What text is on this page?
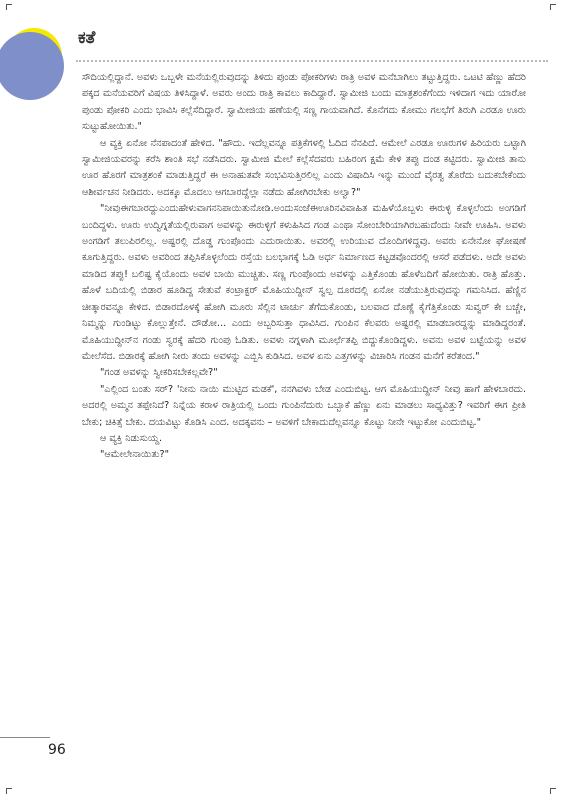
ಕತೆ

ಸೌದಿಯಲ್ಲಿದ್ದಾನೆ. ಅವಳು ಒಬ್ಬಳೇ ಮನೆಯಲ್ಲಿರುವುದನ್ನು ತಿಳಿದು ಪುಂಡು ಪೋಕರಿಗಳು ರಾತ್ರಿ ಅವಳ ಮನೆಬಾಗಿಲು ತಟ್ಟುತ್ತಿದ್ದರು. ಒಟಟಿ ಹೆಣ್ಣು ಹೆದರಿ ಪಕ್ಕದ ಮನೆಯವರಿಗೆ ವಿಷಯ ತಿಳಿಸಿದ್ದಾಳೆ. ಅವರು ಅಂದು ರಾತ್ರಿ ಕಾವಲು ಕಾದಿದ್ದಾರೆ. ಸ್ವಾಮೀಜಿ ಬಂದು ಮಾತ್ರಶಂಕೆಗೆಂದು ಇಳಿದಾಗ ಇದು ಯಾರೋ ಪುಂಡು ಪೋಕರಿ ಎಂದು ಭಾವಿಸಿ ಕಲ್ಲೆಸೆದಿದ್ದಾರೆ. ಸ್ವಾಮೀಜಿಯ ಹಣೆಯಲ್ಲಿ ಸಣ್ಣ ಗಾಯವಾಗಿದೆ. ಕೊನೆಗದು ಕೋಮು ಗಲಭೆಗೆ ತಿರುಗಿ ಎರಡೂ ಊರು ಸುಟ್ಟುಹೋಯಿತು."

ಆ ವ್ಯಕ್ತಿ ಏನೋ ನೆನಪಾದಂತೆ ಹೇಳಿದ. "ಹೌದು. ಇದೆಲ್ಲವನ್ನೂ ಪತ್ರಿಕೆಗಳಲ್ಲಿ ಓದಿದ ನೆನಪಿದೆ. ಆಮೇಲೆ ಎರಡೂ ಊರುಗಳ ಹಿರಿಯರು ಒಟ್ಟಾಗಿ ಸ್ವಾಮೀಜಿಯವರನ್ನು ಕರೆಸಿ ಶಾಂತಿ ಸಭೆ ನಡೆಸಿದರು. ಸ್ವಾಮೀಜಿ ಮೇಲೆ ಕಲ್ಲೆಸೆದವರು ಬಹಿರಂಗ ಕ್ಷಮೆ ಕೇಳಿ ತಪ್ಪು ದಂಡ ಕಟ್ಟಿದರು. ಸ್ವಾಮೀಜಿ ತಾನು ಊರ ಹೊರಗೆ ಮಾತ್ರಶಂಕೆ ಮಾಡುತ್ತಿದ್ದರೆ ಈ ಅನಾಹುತವೇ ಸಂಭವಿಸುತ್ತಿರಲಿಲ್ಲ ಎಂದು ವಿಷಾದಿಸಿ ಇನ್ನು ಮುಂದೆ ವೈರತ್ವ ತೊರೆದು ಬದುಕಬೇಕೆಂದು ಆಶೀರ್ವಚನ ನೀಡಿದರು. ಅದಕ್ಕೂ ಮೊದಲು ಆಗಬಾರದ್ದೆಲ್ಲಾ ನಡೆದು ಹೋಗಿರಬೇಕು ಅಲ್ವಾ?"

"ನೀವುಈಗಬಾರದ್ದುಎಂದುಹೇಳುವಾಗನನಿಪಾಯಿತುನೋಡಿ.ಅಂದುಸಂಜೆಈಊರಿನವಿವಾಹಿತ ಮಹಿಳೆಯೊಬ್ಬಳು ಈರುಳ್ಳಿ ಕೊಳ್ಳಲೆಂದು ಅಂಗಡಿಗೆ ಬಂದಿದ್ದಳು. ಊರು ಉದ್ವಿಗ್ನತೆಯಲ್ಲಿರುವಾಗ ಅವಳನ್ನು ಈರುಳ್ಳಿಗೆ ಕಳುಹಿಸಿದ ಗಂಡ ಎಂಥಾ ಸೋಂಬೇರಿಯಾಗಿರಬಹುದೆಂದು ನೀವೇ ಊಹಿಸಿ. ಅವಳು ಅಂಗಡಿಗೆ ತಲುಪಿರಲಿಲ್ಲ. ಅಷ್ಟರಲ್ಲಿ ದೊಡ್ಡ ಗುಂಪೊಂದು ಎದುರಾಯಿತು. ಅವರಲ್ಲಿ ಉರಿಯುವ ದೊಂದಿಗಳಿದ್ದವು. ಅವರು ಏನೇನೋ ಘೋಷಣೆ ಕೂಗುತ್ತಿದ್ದರು. ಅವಳು ಅವರಿಂದ ತಪ್ಪಿಸಿಕೊಳ್ಳಲೆಂದು ರಸ್ತೆಯ ಬಲಭಾಗಕ್ಕೆ ಓಡಿ ಅರ್ಧ ನಿರ್ಮಾಣದ ಕಟ್ಟಡವೊಂದರಲ್ಲಿ ಆಸರೆ ಪಡೆದಳು. ಅದೇ ಅವಳು ಮಾಡಿದ ತಪ್ಪು! ಬಲಿಷ್ಟ ಕೈಯೊಂದು ಅವಳ ಬಾಯಿ ಮುಚ್ಚಿತು. ಸಣ್ಣ ಗುಂಪೊಂದು ಅವಳನ್ನು ಎತ್ತಿಕೊಂಡು ಹೊಳೆಬದಿಗೆ ಹೋಯಿತು. ರಾತ್ರಿ ಹೊತ್ತು. ಹೊಳೆ ಬದಿಯಲ್ಲಿ ಬಿಡಾರ ಹೂಡಿದ್ದ ಸೇತುವೆ ಕಂಟ್ರಾಕ್ಟರ್ ಮೊಹಿಯುದ್ದೀನ್ ಸ್ವಲ್ಪ ದೂರದಲ್ಲಿ ಏನೋ ನಡೆಯುತ್ತಿರುವುದನ್ನು ಗಮನಿಸಿದ. ಹೆಣ್ಣಿನ ಚೀತ್ಕಾರವನ್ನೂ ಕೇಳಿದ. ಬಿಡಾರದೊಳಕ್ಕೆ ಹೋಗಿ ಮೂರು ಸೆಲ್ಲಿನ ಟಾರ್ಚು ತೆಗೆದುಕೊಂಡು, ಬಲವಾದ ದೊಣ್ಣೆ ಕೈಗೆತ್ತಿಕೊಂಡು ಸುವ್ವರ್ ಕೇ ಬಚ್ಚೇ, ನಿಮ್ಮನ್ನು ಗುಂಡಿಟ್ಟು ಕೊಲ್ಲುತ್ತೇನೆ. ದೌಡೋ... ಎಂದು ಅಬ್ಬರಿಸುತ್ತಾ ಧಾವಿಸಿದ. ಗುಂಪಿನ ಕೆಲವರು ಅಷ್ಟರಲ್ಲಿ ಮಾಡಬಾರದ್ದನ್ನು ಮಾಡಿದ್ದರಂತೆ. ಮೊಹಿಯುದ್ದೀನ್‌ನ ಗಂಡು ಸ್ವರಕ್ಕೆ ಹೆದರಿ ಗುಂಪು ಓಡಿತು. ಅವಳು ನಗ್ನಳಾಗಿ ಮೂರ್ಛೆತಪ್ಪಿ ಬಿದ್ದುಕೊಂಡಿದ್ದಳು. ಅವನು ಅವಳ ಬಟ್ಟೆಯನ್ನು ಅವಳ ಮೇಲೆಸೆದ. ಬಿಡಾರಕ್ಕೆ ಹೋಗಿ ನೀರು ತಂದು ಅವಳನ್ನು ಎಬ್ಬಿಸಿ ಕುಡಿಸಿದ. ಅವಳ ಏನು ಎತ್ತಗಳನ್ನು ವಿಚಾರಿಸಿ ಗಂಡನ ಮನೆಗೆ ಕರೆತಂದ."

"ಗಂಡ ಅವಳನ್ನು ಸ್ವೀಕರಿಸಬೇಕಲ್ಲವೇ?"

"ಎಲ್ಲಿಂದ ಬಂತು ಸರ್? 'ನೀನು ನಾಯಿ ಮುಟ್ಟಿದ ಮಡಕೆ', ನನಗಿವಳು ಬೇಡ ಎಂದುಬಿಟ್ಟ. ಆಗ ಮೊಹಿಯುದ್ದೀನ್ ನೀವು ಹಾಗೆ ಹೇಳಬಾರದು. ಅದರಲ್ಲಿ ಅಮ್ಮನ ತಪ್ಪೇನಿದೆ? ನಿನ್ನೆಯ ಕರಾಳ ರಾತ್ರಿಯಲ್ಲಿ ಒಂದು ಗುಂಪಿನೆದುರು ಒಬ್ಬಾಕೆ ಹೆಣ್ಣು ಏನು ಮಾಡಲು ಸಾಧ್ಯವಿತ್ತು? ಇವರಿಗೆ ಈಗ ಪ್ರೀತಿ ಬೇಕು; ಚಿಕಿತ್ಸೆ ಬೇಕು. ದಯವಿಟ್ಟು ಕೊಡಿಸಿ ಎಂದ. ಅದಕ್ಕವನು – ಅವಳಿಗೆ ಬೇಕಾದುದೆಲ್ಲವನ್ನೂ ಕೊಟ್ಟು ನೀನೇ ಇಟ್ಟುಕೋ ಎಂದುಬಿಟ್ಟ."

ಆ ವ್ಯಕ್ತಿ ನಿಡುಸುಯ್ದ.

"ಆಮೇಲೇನಾಯಿತು?"

96
